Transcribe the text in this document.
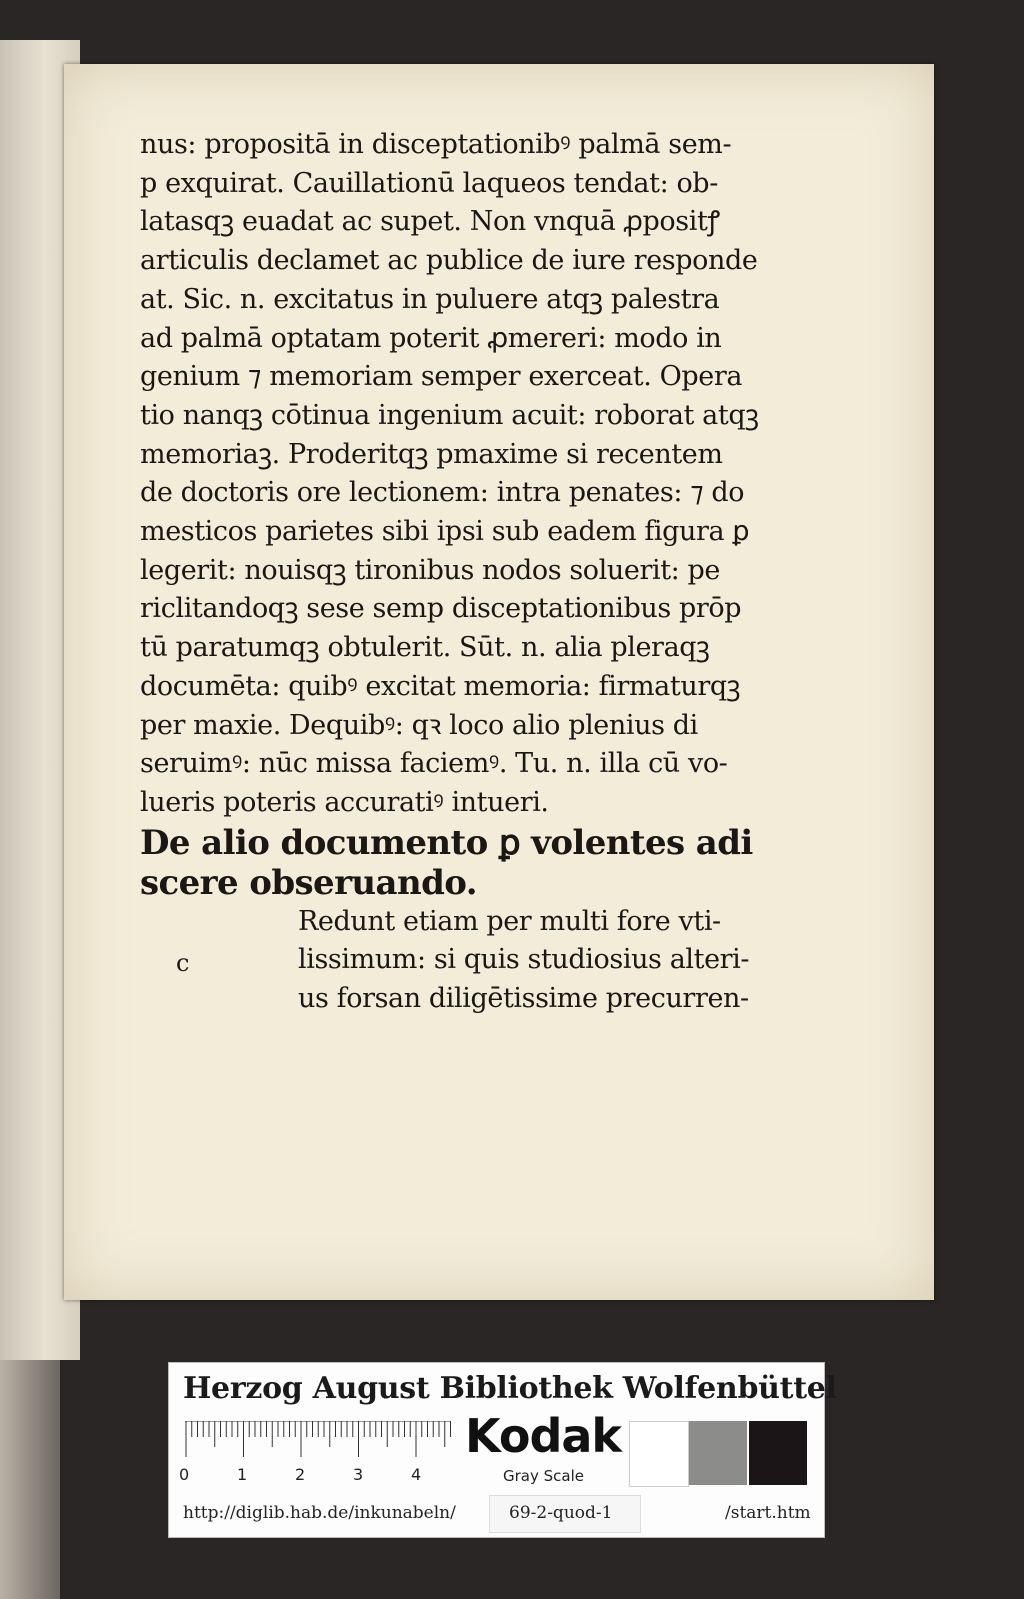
nus: propositā in disceptationibꝰ palmā sem-
p exquirat. Cauillationū laqueos tendat: ob-
latasqꝫ euadat ac supet. Non vnquā ꝓpositꝭ
articulis declamet ac publice de iure responde
at. Sic. n. excitatus in puluere atqꝫ palestra
ad palmā optatam poterit ꝓmereri: modo in
genium ⁊ memoriam semper exerceat. Opera
tio nanqꝫ cōtinua ingenium acuit: roborat atqꝫ
memoriaꝫ. Proderitqꝫ pmaxime si recentem
de doctoris ore lectionem: intra penates: ⁊ do
mesticos parietes sibi ipsi sub eadem figura ꝑ
legerit: nouisqꝫ tironibus nodos soluerit: pe
riclitandoqꝫ sese semp disceptationibus prōp
tū paratumqꝫ obtulerit. Sūt. n. alia pleraqꝫ
documēta: quibꝰ excitat memoria: firmaturqꝫ
per maxie. Dequibꝰ: qꝛ loco alio plenius di
seruimꝰ: nūc missa faciemꝰ. Tu. n. illa cū vo-
lueris poteris accuratiꝰ intueri.
De alio documento ꝑ volentes adi
scere obseruando.
Redunt etiam per multi fore vti-
lissimum: si quis studiosius alteri-
us forsan diligētissime precurren-
c
Herzog August Bibliothek Wolfenbüttel
0	1	2	3	4
Kodak
Gray Scale
http://diglib.hab.de/inkunabeln/	69-2-quod-1	/start.htm
